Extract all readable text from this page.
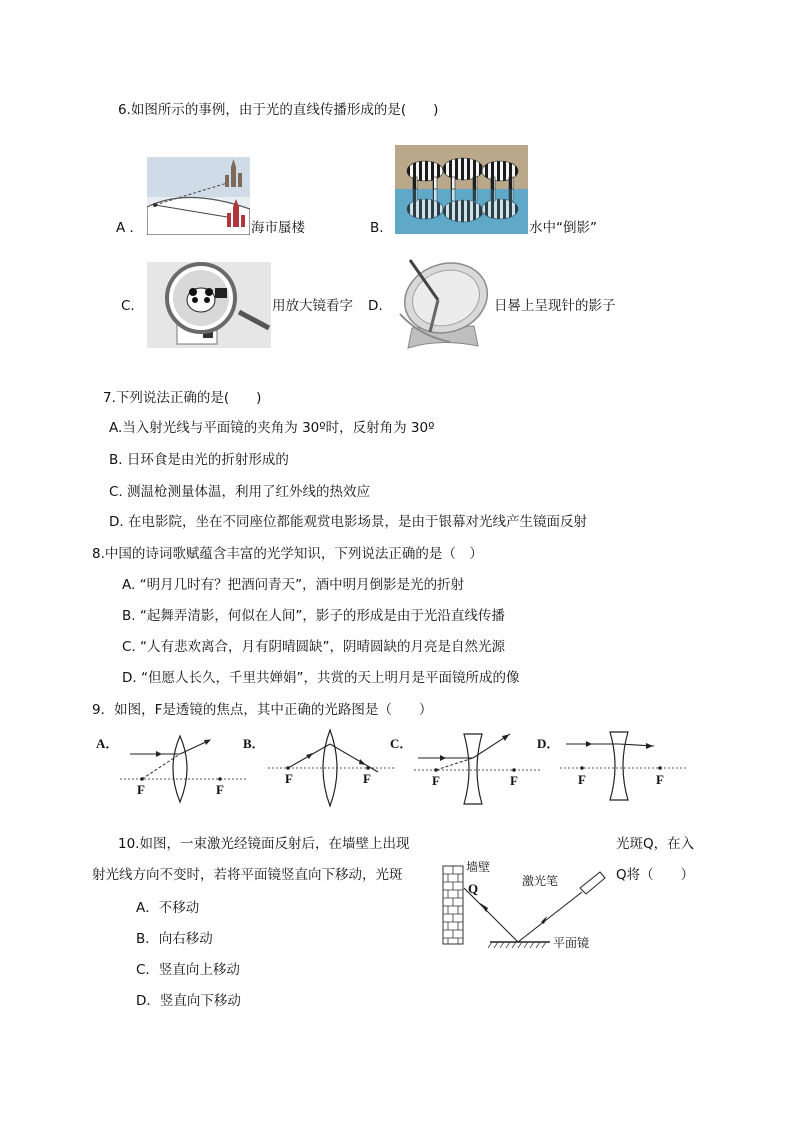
6.如图所示的事例，由于光的直线传播形成的是(　　)
A ．	海市蜃楼	B.	水中“倒影”
C.	用放大镜看字 D.	日晷上呈现针的影子
7.下列说法正确的是(　　)
A.当入射光线与平面镜的夹角为 30º时，反射角为 30º
B. 日环食是由光的折射形成的
C. 测温枪测量体温，利用了红外线的热效应
D. 在电影院，坐在不同座位都能观赏电影场景，是由于银幕对光线产生镜面反射
8.中国的诗词歌赋蕴含丰富的光学知识，下列说法正确的是（　）
A. “明月几时有？把酒问青天”，酒中明月倒影是光的折射
B. “起舞弄清影，何似在人间”，影子的形成是由于光沿直线传播
C. “人有悲欢离合，月有阴晴圆缺”，阴晴圆缺的月亮是自然光源
D. “但愿人长久，千里共婵娟”，共赏的天上明月是平面镜所成的像
9．如图，F是透镜的焦点，其中正确的光路图是（　　）
A．	B．	C．	D．
F	F
F	F	F	F	F	F
10.如图，一束激光经镜面反射后，在墙壁上出现	光斑Q，在入
射光线方向不变时，若将平面镜竖直向下移动，光斑	Q将（　　）
A．不移动
B．向右移动
C．竖直向上移动
D．竖直向下移动
墙壁
Q	激光笔
平面镜
